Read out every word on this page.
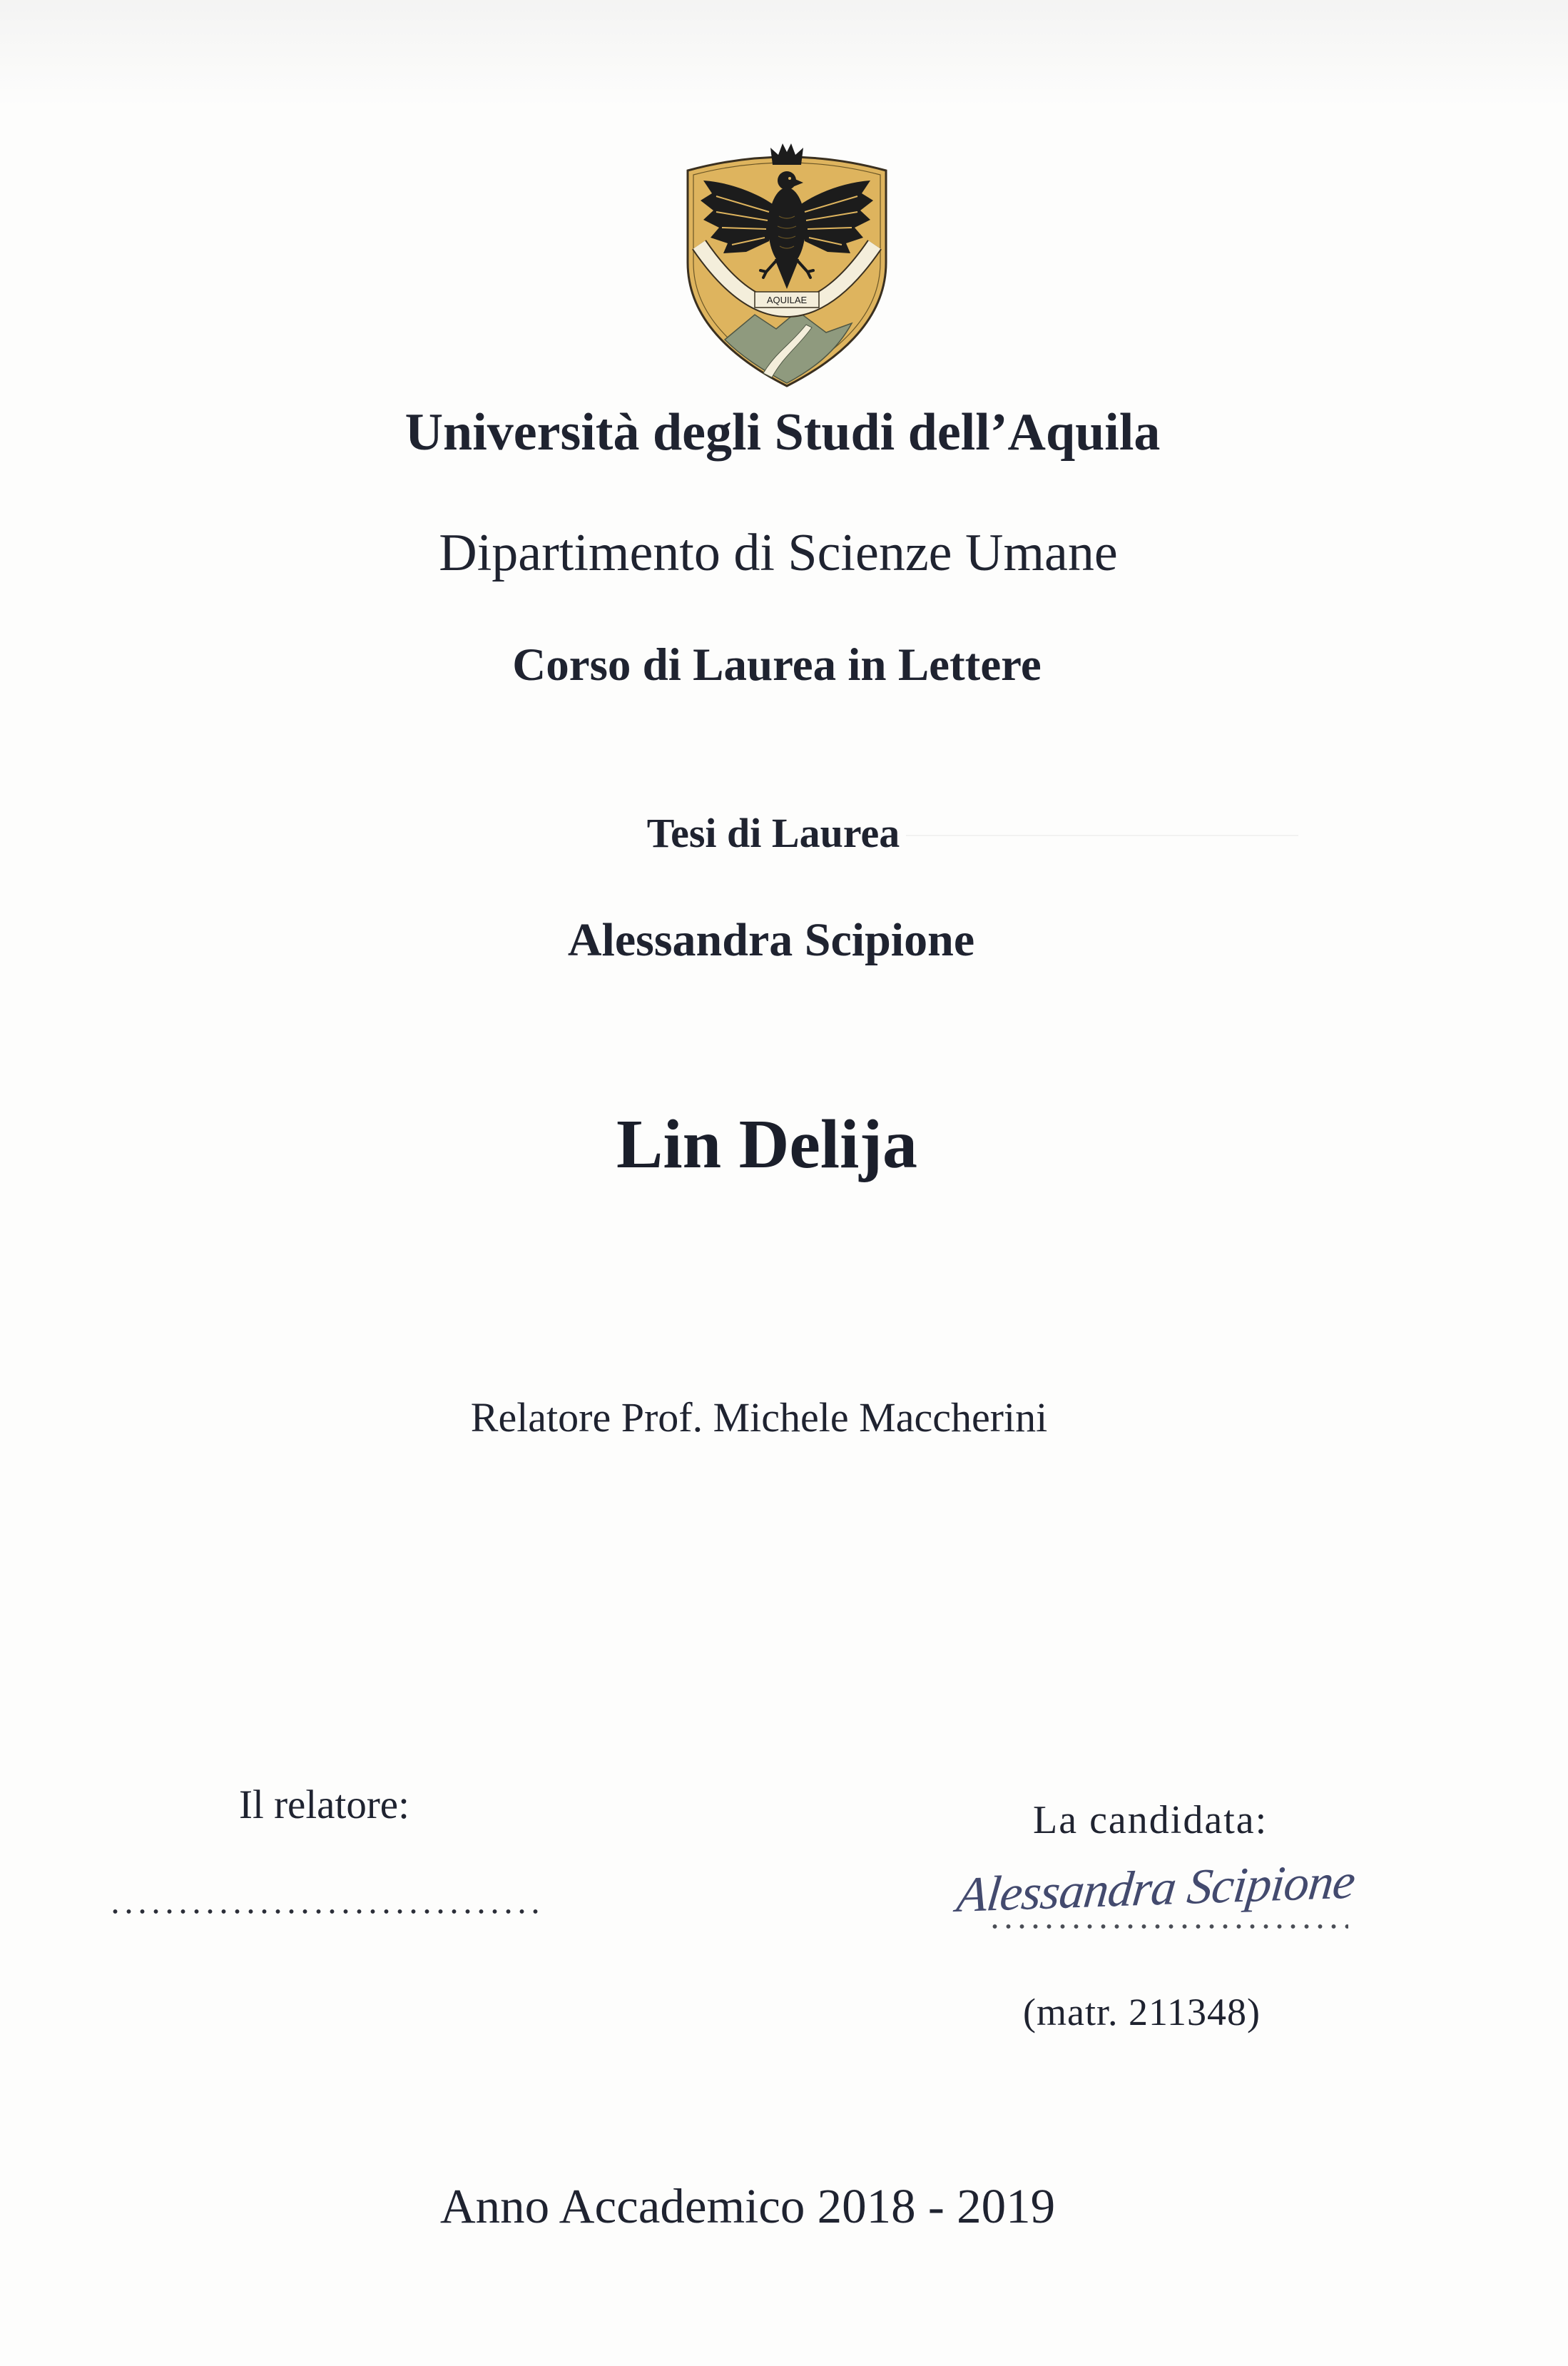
AQUILAE
Università degli Studi dell’Aquila
Dipartimento di Scienze Umane
Corso di Laurea in Lettere
Tesi di Laurea
Alessandra Scipione
Lin Delija
Relatore Prof. Michele Maccherini
Il relatore:	La candidata:
Alessandra Scipione
(matr. 211348)
Anno Accademico 2018 - 2019
